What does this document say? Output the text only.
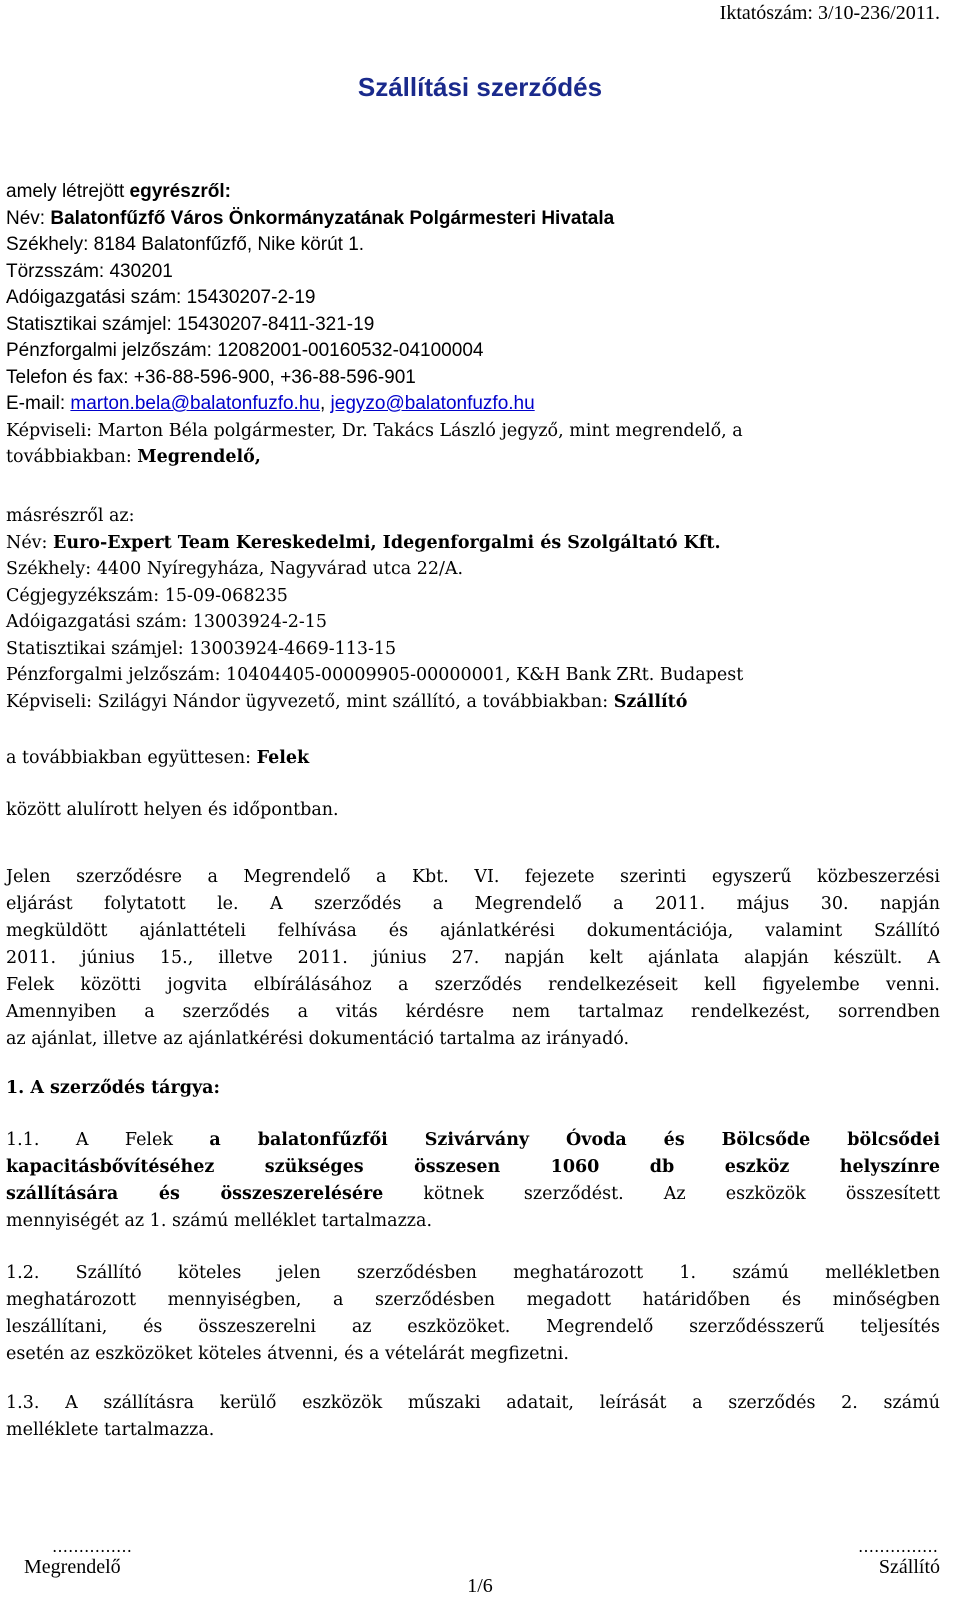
Iktatószám: 3/10-236/2011.
Szállítási szerződés
amely létrejött egyrészről:
Név: Balatonfűzfő Város Önkormányzatának Polgármesteri Hivatala
Székhely: 8184 Balatonfűzfő, Nike körút 1.
Törzsszám: 430201
Adóigazgatási szám: 15430207-2-19
Statisztikai számjel: 15430207-8411-321-19
Pénzforgalmi jelzőszám: 12082001-00160532-04100004
Telefon és fax: +36-88-596-900, +36-88-596-901
E-mail: marton.bela@balatonfuzfo.hu, jegyzo@balatonfuzfo.hu
Képviseli: Marton Béla polgármester, Dr. Takács László jegyző, mint megrendelő, a
továbbiakban: Megrendelő,
másrészről az:
Név: Euro-Expert Team Kereskedelmi, Idegenforgalmi és Szolgáltató Kft.
Székhely: 4400 Nyíregyháza, Nagyvárad utca 22/A.
Cégjegyzékszám: 15-09-068235
Adóigazgatási szám: 13003924-2-15
Statisztikai számjel: 13003924-4669-113-15
Pénzforgalmi jelzőszám: 10404405-00009905-00000001, K&H Bank ZRt. Budapest
Képviseli: Szilágyi Nándor ügyvezető, mint szállító, a továbbiakban: Szállító
a továbbiakban együttesen: Felek
között alulírott helyen és időpontban.
Jelen szerződésre a Megrendelő a Kbt. VI. fejezete szerinti egyszerű közbeszerzési
eljárást folytatott le. A szerződés a Megrendelő a 2011. május 30. napján
megküldött ajánlattételi felhívása és ajánlatkérési dokumentációja, valamint Szállító
2011. június 15., illetve 2011. június 27. napján kelt ajánlata alapján készült. A
Felek közötti jogvita elbírálásához a szerződés rendelkezéseit kell figyelembe venni.
Amennyiben a szerződés a vitás kérdésre nem tartalmaz rendelkezést, sorrendben
az ajánlat, illetve az ajánlatkérési dokumentáció tartalma az irányadó.
1. A szerződés tárgya:
1.1. A Felek a balatonfűzfői Szivárvány Óvoda és Bölcsőde bölcsődei
kapacitásbővítéséhez szükséges összesen 1060 db eszköz helyszínre
szállítására és összeszerelésére kötnek szerződést. Az eszközök összesített
mennyiségét az 1. számú melléklet tartalmazza.
1.2. Szállító köteles jelen szerződésben meghatározott 1. számú mellékletben
meghatározott mennyiségben, a szerződésben megadott határidőben és minőségben
leszállítani, és összeszerelni az eszközöket. Megrendelő szerződésszerű teljesítés
esetén az eszközöket köteles átvenni, és a vételárát megfizetni.
1.3. A szállításra kerülő eszközök műszaki adatait, leírását a szerződés 2. számú
melléklete tartalmazza.
……………	……………
Megrendelő	Szállító
1/6
